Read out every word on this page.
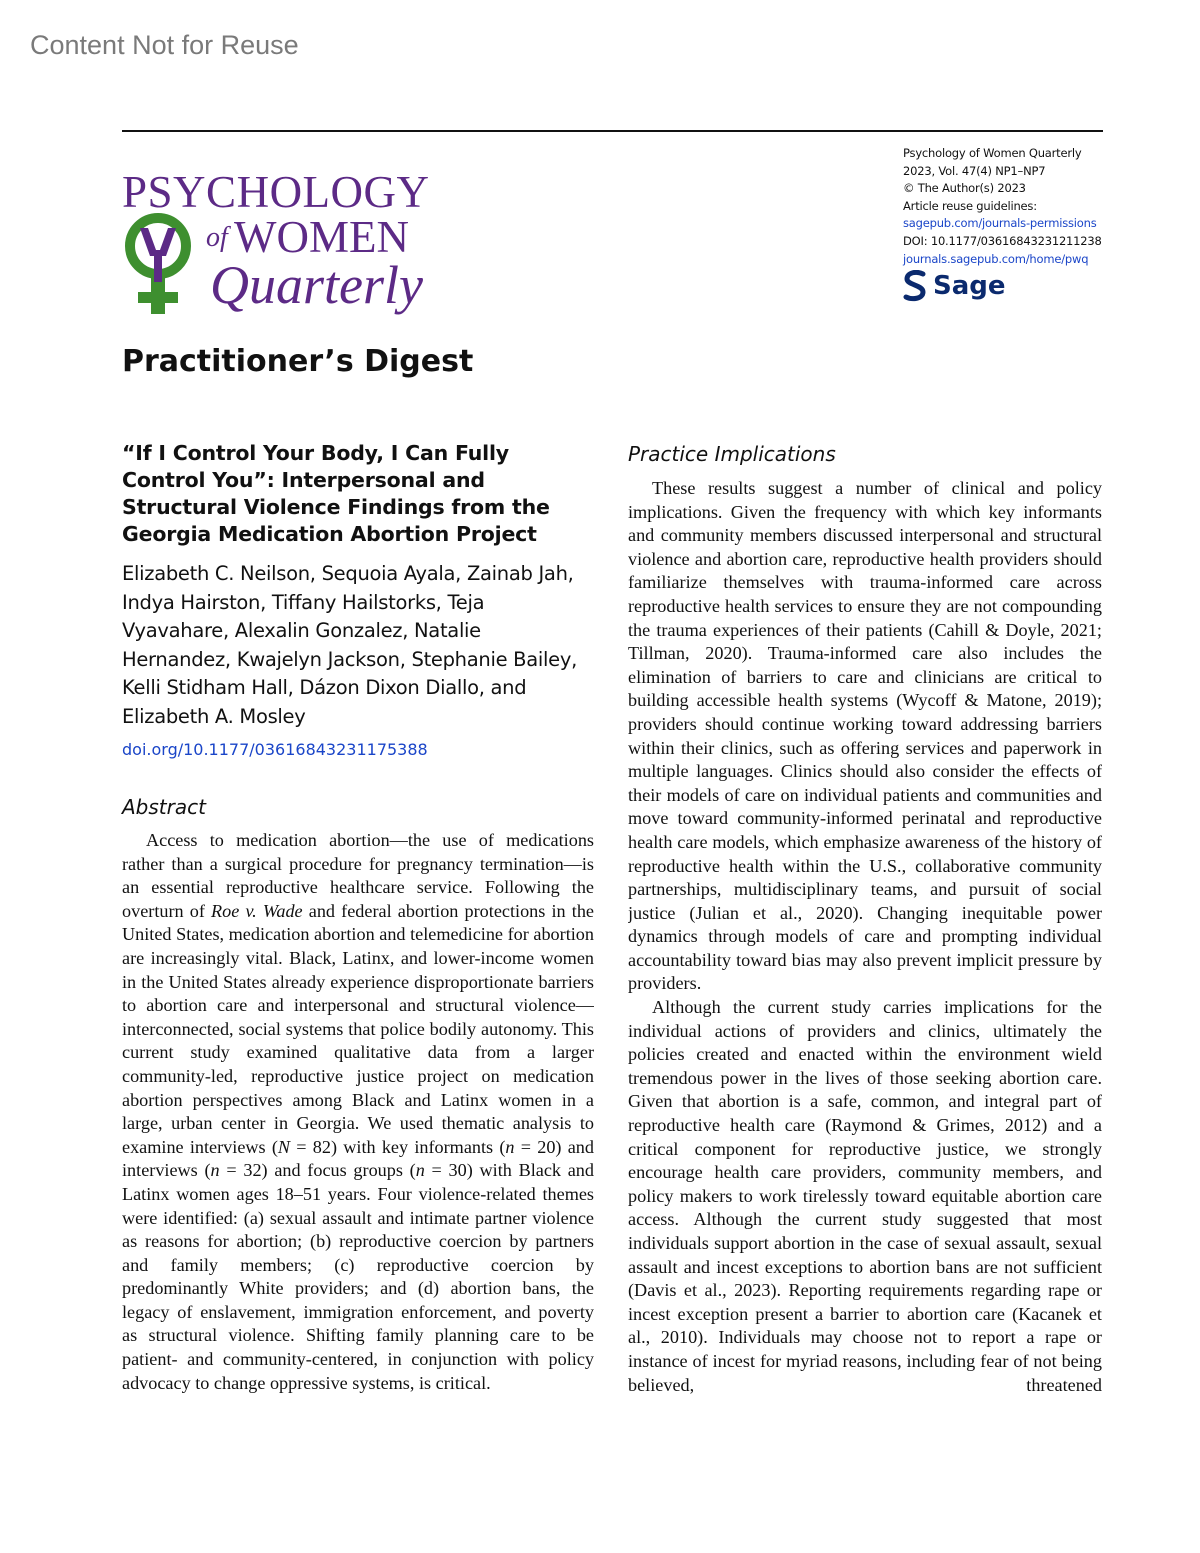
Content Not for Reuse
PSYCHOLOGY
of WOMEN
Quarterly
Psychology of Women Quarterly
2023, Vol. 47(4) NP1–NP7
© The Author(s) 2023
Article reuse guidelines:
sagepub.com/journals-permissions
DOI: 10.1177/03616843231211238
journals.sagepub.com/home/pwq
Sage
Practitioner’s Digest
“If I Control Your Body, I Can Fully Control You”: Interpersonal and Structural Violence Findings from the Georgia Medication Abortion Project
Elizabeth C. Neilson, Sequoia Ayala, Zainab Jah, Indya Hairston, Tiffany Hailstorks, Teja Vyavahare, Alexalin Gonzalez, Natalie Hernandez, Kwajelyn Jackson, Stephanie Bailey, Kelli Stidham Hall, Dázon Dixon Diallo, and Elizabeth A. Mosley
doi.org/10.1177/03616843231175388
Abstract
Access to medication abortion—the use of medications rather than a surgical procedure for pregnancy termination—is an essential reproductive healthcare service. Following the overturn of Roe v. Wade and federal abortion protections in the United States, medication abortion and telemedicine for abortion are increasingly vital. Black, Latinx, and lower-income women in the United States already experience disproportionate barriers to abortion care and interpersonal and structural violence—interconnected, social systems that police bodily autonomy. This current study examined qualitative data from a larger community-led, reproductive justice project on medication abortion perspectives among Black and Latinx women in a large, urban center in Georgia. We used thematic analysis to examine interviews (N = 82) with key informants (n = 20) and interviews (n = 32) and focus groups (n = 30) with Black and Latinx women ages 18–51 years. Four violence-related themes were identified: (a) sexual assault and intimate partner violence as reasons for abortion; (b) reproductive coercion by partners and family members; (c) reproductive coercion by predominantly White providers; and (d) abortion bans, the legacy of enslavement, immigration enforcement, and poverty as structural violence. Shifting family planning care to be patient- and community-centered, in conjunction with policy advocacy to change oppressive systems, is critical.
Practice Implications

These results suggest a number of clinical and policy implications. Given the frequency with which key informants and community members discussed interpersonal and structural violence and abortion care, reproductive health providers should familiarize themselves with trauma-informed care across reproductive health services to ensure they are not compounding the trauma experiences of their patients (Cahill & Doyle, 2021; Tillman, 2020). Trauma-informed care also includes the elimination of barriers to care and clinicians are critical to building accessible health systems (Wycoff & Matone, 2019); providers should continue working toward addressing barriers within their clinics, such as offering services and paperwork in multiple languages. Clinics should also consider the effects of their models of care on individual patients and communities and move toward community-informed perinatal and reproductive health care models, which emphasize awareness of the history of reproductive health within the U.S., collaborative community partnerships, multidisciplinary teams, and pursuit of social justice (Julian et al., 2020). Changing inequitable power dynamics through models of care and prompting individual accountability toward bias may also prevent implicit pressure by providers.

Although the current study carries implications for the individual actions of providers and clinics, ultimately the policies created and enacted within the environment wield tremendous power in the lives of those seeking abortion care. Given that abortion is a safe, common, and integral part of reproductive health care (Raymond & Grimes, 2012) and a critical component for reproductive justice, we strongly encourage health care providers, community members, and policy makers to work tirelessly toward equitable abortion care access. Although the current study suggested that most individuals support abortion in the case of sexual assault, sexual assault and incest exceptions to abortion bans are not sufficient (Davis et al., 2023). Reporting requirements regarding rape or incest exception present a barrier to abortion care (Kacanek et al., 2010). Individuals may choose not to report a rape or instance of incest for myriad reasons, including fear of not being believed, threatened
